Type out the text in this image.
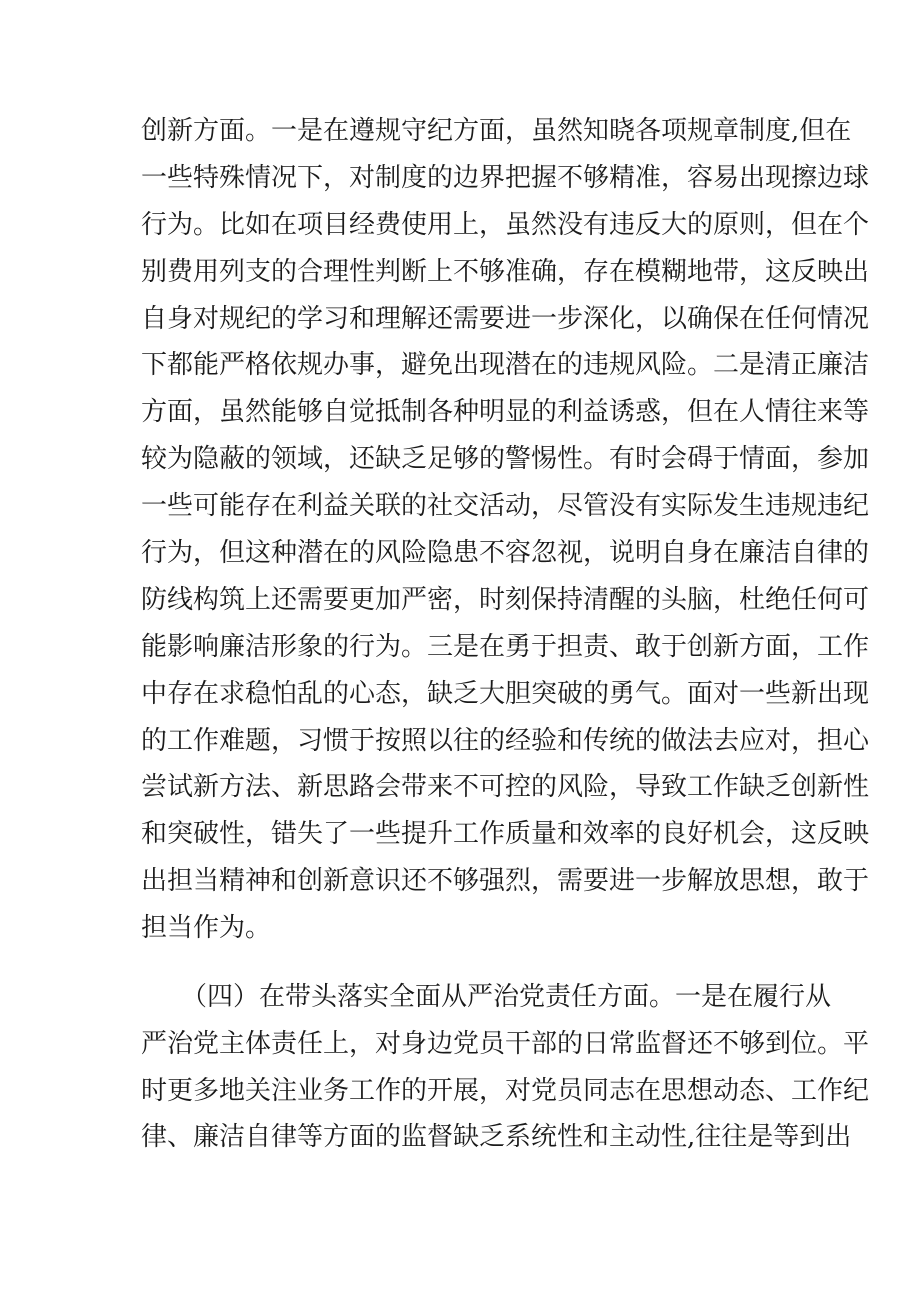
创新方面。一是在遵规守纪方面，虽然知晓各项规章制度,但在
一些特殊情况下，对制度的边界把握不够精准，容易出现擦边球
行为。比如在项目经费使用上，虽然没有违反大的原则，但在个
别费用列支的合理性判断上不够准确，存在模糊地带，这反映出
自身对规纪的学习和理解还需要进一步深化，以确保在任何情况
下都能严格依规办事，避免出现潜在的违规风险。二是清正廉洁
方面，虽然能够自觉抵制各种明显的利益诱惑，但在人情往来等
较为隐蔽的领域，还缺乏足够的警惕性。有时会碍于情面，参加
一些可能存在利益关联的社交活动，尽管没有实际发生违规违纪
行为，但这种潜在的风险隐患不容忽视，说明自身在廉洁自律的
防线构筑上还需要更加严密，时刻保持清醒的头脑，杜绝任何可
能影响廉洁形象的行为。三是在勇于担责、敢于创新方面，工作
中存在求稳怕乱的心态，缺乏大胆突破的勇气。面对一些新出现
的工作难题，习惯于按照以往的经验和传统的做法去应对，担心
尝试新方法、新思路会带来不可控的风险，导致工作缺乏创新性
和突破性，错失了一些提升工作质量和效率的良好机会，这反映
出担当精神和创新意识还不够强烈，需要进一步解放思想，敢于
担当作为。
（四）在带头落实全面从严治党责任方面。一是在履行从
严治党主体责任上，对身边党员干部的日常监督还不够到位。平
时更多地关注业务工作的开展，对党员同志在思想动态、工作纪
律、廉洁自律等方面的监督缺乏系统性和主动性,往往是等到出
